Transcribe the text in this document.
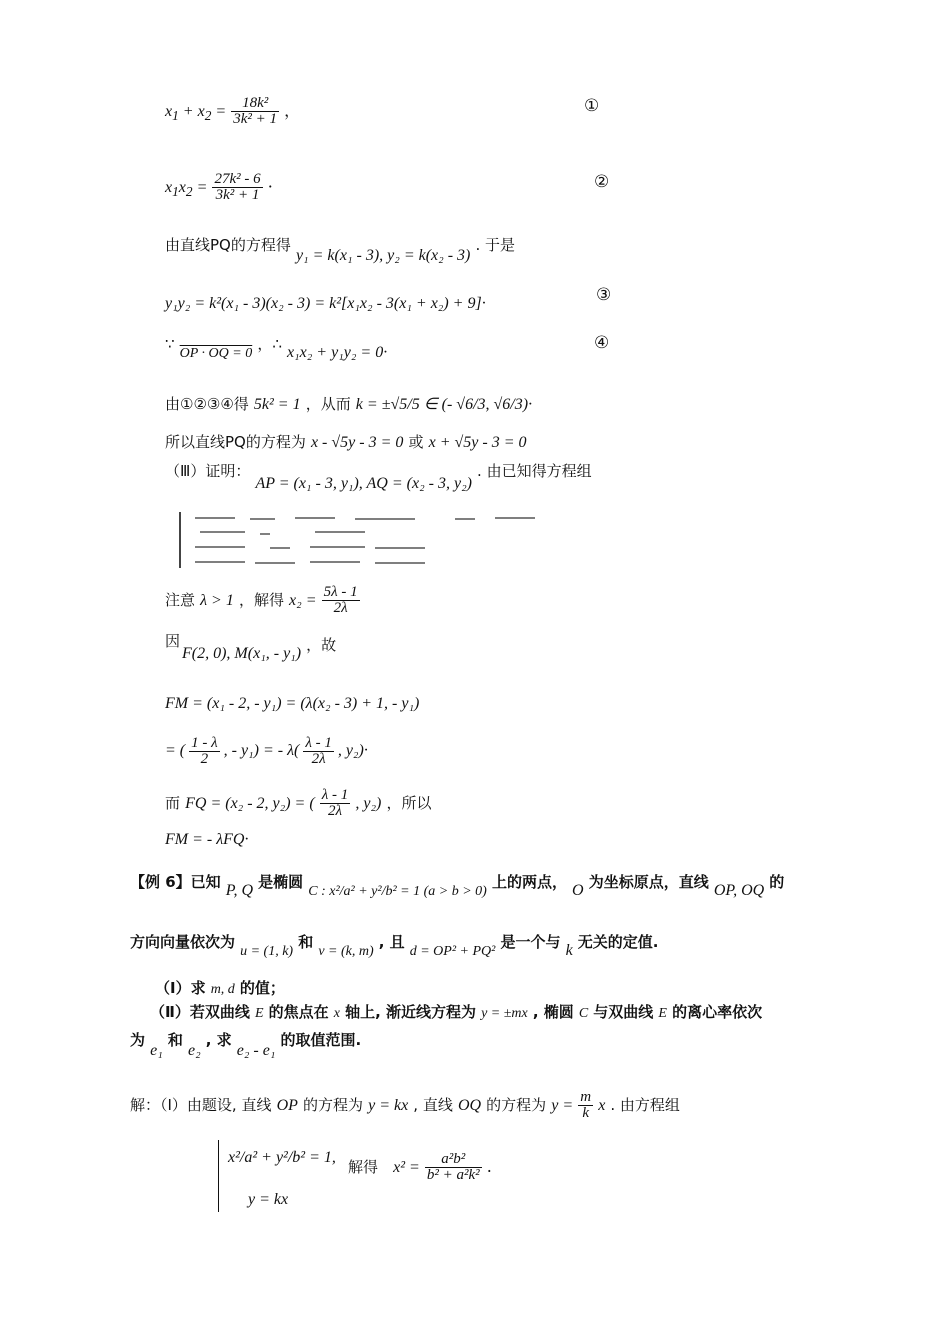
$x_1 + x_2 = \frac{\text{18k²}}{\text{3k² + 1}}$ ，	①
$x_1x_2 = \frac{\text{27k² - 6}}{\text{3k² + 1}}$ ·	②
由直线PQ的方程得 y₁ = k(x₁ - 3), y₂ = k(x₂ - 3) . 于是
y₁y₂ = k²(x₁ - 3)(x₂ - 3) = k²[x₁x₂ - 3(x₁ + x₂) + 9]·	③
∵ OP · OQ = 0 ，∴ x₁x₂ + y₁y₂ = 0·	④
由①②③④得 5k² = 1 ，从而 k = ±√5/5 ∈ (- √6/3, √6/3)·
所以直线PQ的方程为 x - √5y - 3 = 0 或 x + √5y - 3 = 0
（Ⅲ）证明： AP = (x₁ - 3, y₁), AQ = (x₂ - 3, y₂) . 由已知得方程组
注意 λ > 1 ，解得 $x_2 = \frac{5\lambda - 1}{2\lambda}$
因
F(2, 0), M(x₁, - y₁) ，故
FM = (x₁ - 2, - y₁) = (λ(x₂ - 3) + 1, - y₁)
= ( $\frac{1 - \lambda}{2}$ , - y₁) = - $\lambda( \frac{\lambda - 1}{2\lambda}$ , y₂)·
而 FQ = (x₂ - 2, y₂) = ( $\frac{\lambda - 1}{2\lambda}$ , y₂) ，所以
FM = - λFQ·
【例 6】已知 P, Q 是椭圆 C : x²/a² + y²/b² = 1 (a > b > 0) 上的两点， O 为坐标原点，直线 OP, OQ 的
方向向量依次为 u = (1, k) 和 v = (k, m) , 且 d = OP² + PQ² 是一个与 k 无关的定值.
（Ⅰ）求 m, d 的值；
（Ⅱ）若双曲线 E 的焦点在 x 轴上, 渐近线方程为 y = ±mx , 椭圆 C 与双曲线 E 的离心率依次
为 e₁ 和 e₂ , 求 e₂ - e₁ 的取值范围.
解：（Ⅰ）由题设, 直线 OP 的方程为 y = kx , 直线 OQ 的方程为 $y = \frac{m}{k}$ x . 由方程组
x²/a² + y²/b² = 1,
y = kx
解得 $x^2 = \frac{\text{a²b²}}{\text{b² + a²k²}}$ .
